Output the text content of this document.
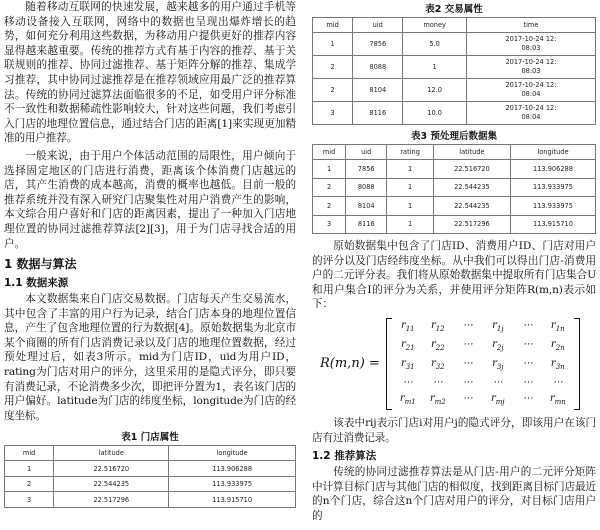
随着移动互联网的快速发展，越来越多的用户通过手机等移动设备接入互联网，网络中的数据也呈现出爆炸增长的趋势，如何充分利用这些数据，为移动用户提供更好的推荐内容显得越来越重要。传统的推荐方式有基于内容的推荐、基于关联规则的推荐、协同过滤推荐、基于矩阵分解的推荐、集成学习推荐，其中协同过滤推荐是在推荐领域应用最广泛的推荐算法。传统的协同过滤算法面临很多的不足，如受用户评分标准不一致性和数据稀疏性影响较大，针对这些问题，我们考虑引入门店的地理位置信息，通过结合门店的距离[1]来实现更加精准的用户推荐。

一般来说，由于用户个体活动范围的局限性，用户倾向于选择固定地区的门店进行消费，距离该个体消费门店越远的店，其产生消费的成本越高，消费的概率也越低。目前一般的推荐系统并没有深入研究门店聚集性对用户消费产生的影响，本文综合用户喜好和门店的距离因素，提出了一种加入门店地理位置的协同过滤推荐算法[2][3]，用于为门店寻找合适的用户。

1 数据与算法
1.1 数据来源

本文数据集来自门店交易数据。门店每天产生交易流水，其中包含了丰富的用户行为记录，结合门店本身的地理位置信息，产生了包含地理位置的行为数据[4]。原始数据集为北京市某个商圈的所有门店消费记录以及门店的地理位置数据，经过预处理过后，如表3所示。mid为门店ID，uid为用户ID，rating为门店对用户的评分，这里采用的是隐式评分，即只要有消费记录，不论消费多少次，即把评分置为1，表名该门店的用户偏好。latitude为门店的纬度坐标，longitude为门店的经度坐标。

表1 门店属性
mid	latitude	longitude
1	22.516720	113.906288
2	22.544235	113.933975
3	22.517296	113.915710
表2 交易属性
mid	uid	money	time
1	7856	5.0	2017-10-24 12:
08:03
2	8088	1	2017-10-24 12:
08:03
2	8104	12.0	2017-10-24 12:
08:04
3	8116	10.0	2017-10-24 12:
08:04
表3 预处理后数据集
mid	uid	rating	latitude	longitude
1	7856	1	22.516720	113.906288
2	8088	1	22.544235	113.933975
2	8104	1	22.544235	113.933975
3	8116	1	22.517296	113.915710

原始数据集中包含了门店ID、消费用户ID、门店对用户的评分以及门店经纬度坐标。从中我们可以得出门店-消费用户的二元评分表。我们将从原始数据集中提取所有门店集合U和用户集合I的评分为关系，并使用评分矩阵R(m,n)表示如下：

R(m,n) =
$r_{11}$	$r_{12}$	⋯	$r_{1j}$	⋯	$r_{1n}$
$r_{21}$	$r_{22}$	⋯	$r_{2j}$	⋯	$r_{2n}$
$r_{31}$	$r_{32}$	⋯	$r_{3j}$	⋯	$r_{3n}$
⋯	⋯	⋯	⋯	⋯	⋯
$r_{m1}$	$r_{m2}$	⋯	$r_{mj}$	⋯	$r_{mn}$

该表中rij表示门店i对用户j的隐式评分，即该用户在该门店有过消费记录。

1.2 推荐算法

传统的协同过滤推荐算法是从门店-用户的二元评分矩阵中计算目标门店与其他门店的相似度，找到距离目标门店最近的n个门店，综合这n个门店对用户的评分，对目标门店用户的
